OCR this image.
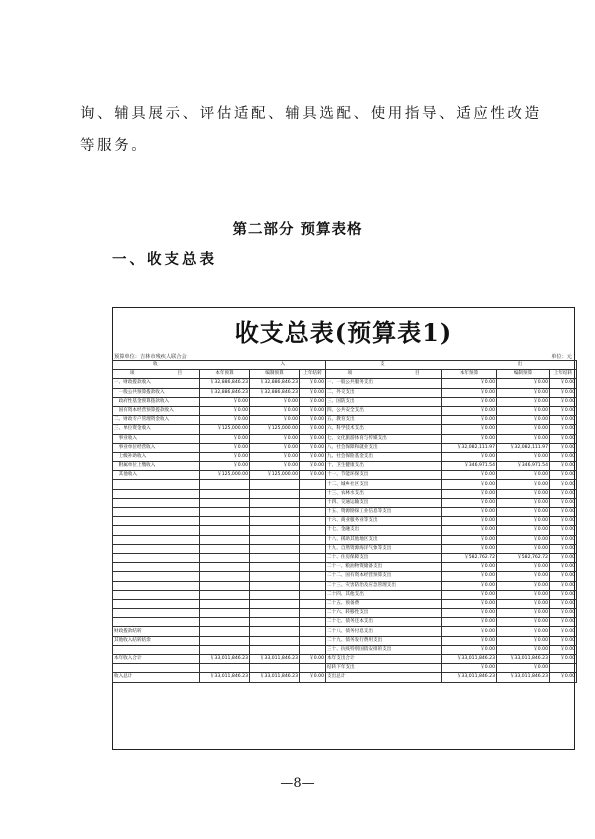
询、辅具展示、评估适配、辅具选配、使用指导、适应性改造
等服务。
第二部分 预算表格
一、收支总表
收支总表(预算表1)
预算单位：吉林市残疾人联合会	单位：元
收 入				支 出			
项 目	本年预算	编制预算	上年结转	项 目	本年预算	编制预算	上年结转
一、财政拨款收入	￥32,886,846.23	￥32,886,846.23	￥0.00	一、一般公共服务支出	￥0.00	￥0.00	￥0.00
　一般公共预算拨款收入	￥32,886,846.23	￥32,886,846.23	￥0.00	二、外交支出	￥0.00	￥0.00	￥0.00
　政府性基金预算拨款收入	￥0.00	￥0.00	￥0.00	三、国防支出	￥0.00	￥0.00	￥0.00
　国有资本经营预算拨款收入	￥0.00	￥0.00	￥0.00	四、公共安全支出	￥0.00	￥0.00	￥0.00
二、财政专户管理资金收入	￥0.00	￥0.00	￥0.00	五、教育支出	￥0.00	￥0.00	￥0.00
三、单位资金收入	￥125,000.00	￥125,000.00	￥0.00	六、科学技术支出	￥0.00	￥0.00	￥0.00
　事业收入	￥0.00	￥0.00	￥0.00	七、文化旅游体育与传媒支出	￥0.00	￥0.00	￥0.00
　事业单位经营收入	￥0.00	￥0.00	￥0.00	八、社会保障和就业支出	￥32,082,111.97	￥32,082,111.97	￥0.00
　上级补助收入	￥0.00	￥0.00	￥0.00	九、社会保险基金支出	￥0.00	￥0.00	￥0.00
　附属单位上缴收入	￥0.00	￥0.00	￥0.00	十、卫生健康支出	￥346,971.54	￥346,971.54	￥0.00
　其他收入	￥125,000.00	￥125,000.00	￥0.00	十一、节能环保支出	￥0.00	￥0.00	￥0.00
				十二、城乡社区支出	￥0.00	￥0.00	￥0.00
				十三、农林水支出	￥0.00	￥0.00	￥0.00
				十四、交通运输支出	￥0.00	￥0.00	￥0.00
				十五、资源勘探工业信息等支出	￥0.00	￥0.00	￥0.00
				十六、商业服务业等支出	￥0.00	￥0.00	￥0.00
				十七、金融支出	￥0.00	￥0.00	￥0.00
				十八、援助其他地区支出	￥0.00	￥0.00	￥0.00
				十九、自然资源海洋气象等支出	￥0.00	￥0.00	￥0.00
				二十、住房保障支出	￥582,762.72	￥582,762.72	￥0.00
				二十一、粮油物资储备支出	￥0.00	￥0.00	￥0.00
				二十二、国有资本经营预算支出	￥0.00	￥0.00	￥0.00
				二十三、灾害防治及应急管理支出	￥0.00	￥0.00	￥0.00
				二十四、其他支出	￥0.00	￥0.00	￥0.00
				二十五、预备费	￥0.00	￥0.00	￥0.00
				二十六、转移性支出	￥0.00	￥0.00	￥0.00
				二十七、债务还本支出	￥0.00	￥0.00	￥0.00
财政拨款结转				二十八、债务付息支出	￥0.00	￥0.00	￥0.00
其他收入结转结余				二十九、债务发行费用支出	￥0.00	￥0.00	￥0.00
				三十、抗疫特别国债安排的支出	￥0.00	￥0.00	￥0.00
本年收入合计	￥33,011,846.23	￥33,011,846.23	￥0.00	本年支出合计	￥33,011,846.23	￥33,011,846.23	￥0.00
				结转下年支出	￥0.00	￥0.00	
收入总计	￥33,011,846.23	￥33,011,846.23	￥0.00	支出总计	￥33,011,846.23	￥33,011,846.23	￥0.00
—8—
